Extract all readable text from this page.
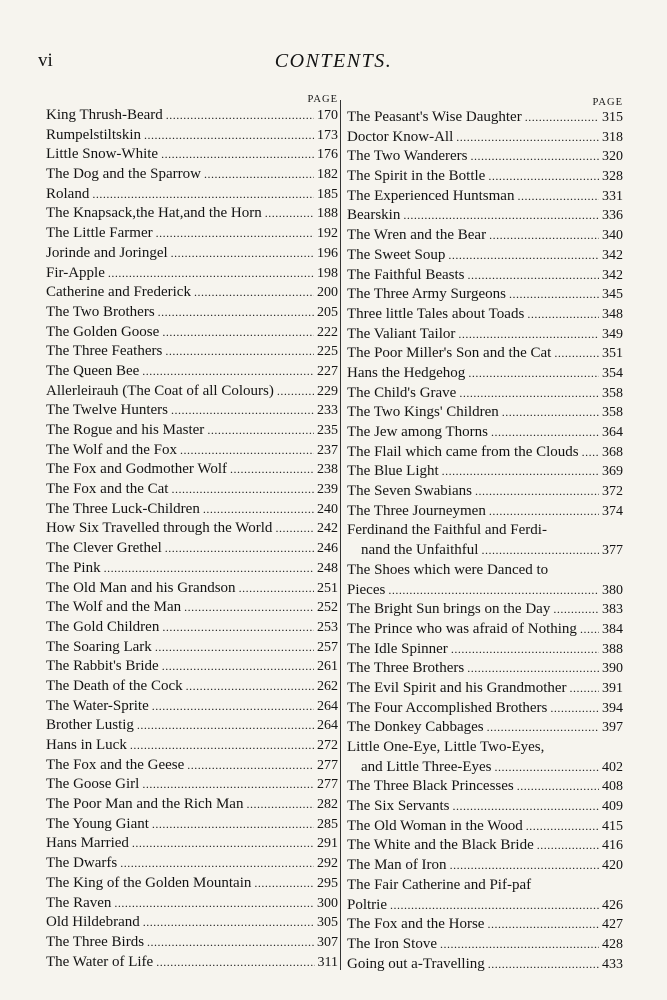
vi	CONTENTS.
PAGE
King Thrush-Beard .....	170
Rumpelstiltskin .....	173
Little Snow-White .....	176
The Dog and the Sparrow .....	182
Roland .....	185
The Knapsack,the Hat,and the Horn .....	188
The Little Farmer .....	192
Jorinde and Joringel .....	196
Fir-Apple .....	198
Catherine and Frederick .....	200
The Two Brothers .....	205
The Golden Goose .....	222
The Three Feathers .....	225
The Queen Bee .....	227
Allerleirauh (The Coat of all Colours) .....	229
The Twelve Hunters .....	233
The Rogue and his Master .....	235
The Wolf and the Fox .....	237
The Fox and Godmother Wolf .....	238
The Fox and the Cat .....	239
The Three Luck-Children .....	240
How Six Travelled through the World .....	242
The Clever Grethel .....	246
The Pink .....	248
The Old Man and his Grandson .....	251
The Wolf and the Man .....	252
The Gold Children .....	253
The Soaring Lark .....	257
The Rabbit's Bride .....	261
The Death of the Cock .....	262
The Water-Sprite .....	264
Brother Lustig .....	264
Hans in Luck .....	272
The Fox and the Geese .....	277
The Goose Girl .....	277
The Poor Man and the Rich Man .....	282
The Young Giant .....	285
Hans Married .....	291
The Dwarfs .....	292
The King of the Golden Mountain .....	295
The Raven .....	300
Old Hildebrand .....	305
The Three Birds .....	307
The Water of Life .....	311
PAGE
The Peasant's Wise Daughter .....	315
Doctor Know-All .....	318
The Two Wanderers .....	320
The Spirit in the Bottle .....	328
The Experienced Huntsman .....	331
Bearskin .....	336
The Wren and the Bear .....	340
The Sweet Soup .....	342
The Faithful Beasts .....	342
The Three Army Surgeons .....	345
Three little Tales about Toads .....	348
The Valiant Tailor .....	349
The Poor Miller's Son and the Cat .....	351
Hans the Hedgehog .....	354
The Child's Grave .....	358
The Two Kings' Children .....	358
The Jew among Thorns .....	364
The Flail which came from the Clouds ..... 368
The Blue Light .....	369
The Seven Swabians .....	372
The Three Journeymen .....	374
Ferdinand the Faithful and Ferdi-
nand the Unfaithful .....	377
The Shoes which were Danced to
Pieces .....	380
The Bright Sun brings on the Day .....	383
The Prince who was afraid of Nothing ..... 384
The Idle Spinner .....	388
The Three Brothers .....	390
The Evil Spirit and his Grandmother .....	391
The Four Accomplished Brothers .....	394
The Donkey Cabbages .....	397
Little One-Eye, Little Two-Eyes,
and Little Three-Eyes .....	402
The Three Black Princesses .....	408
The Six Servants .....	409
The Old Woman in the Wood .....	415
The White and the Black Bride .....	416
The Man of Iron .....	420
The Fair Catherine and Pif-paf
Poltrie .....	426
The Fox and the Horse .....	427
The Iron Stove .....	428
Going out a-Travelling .....	433
